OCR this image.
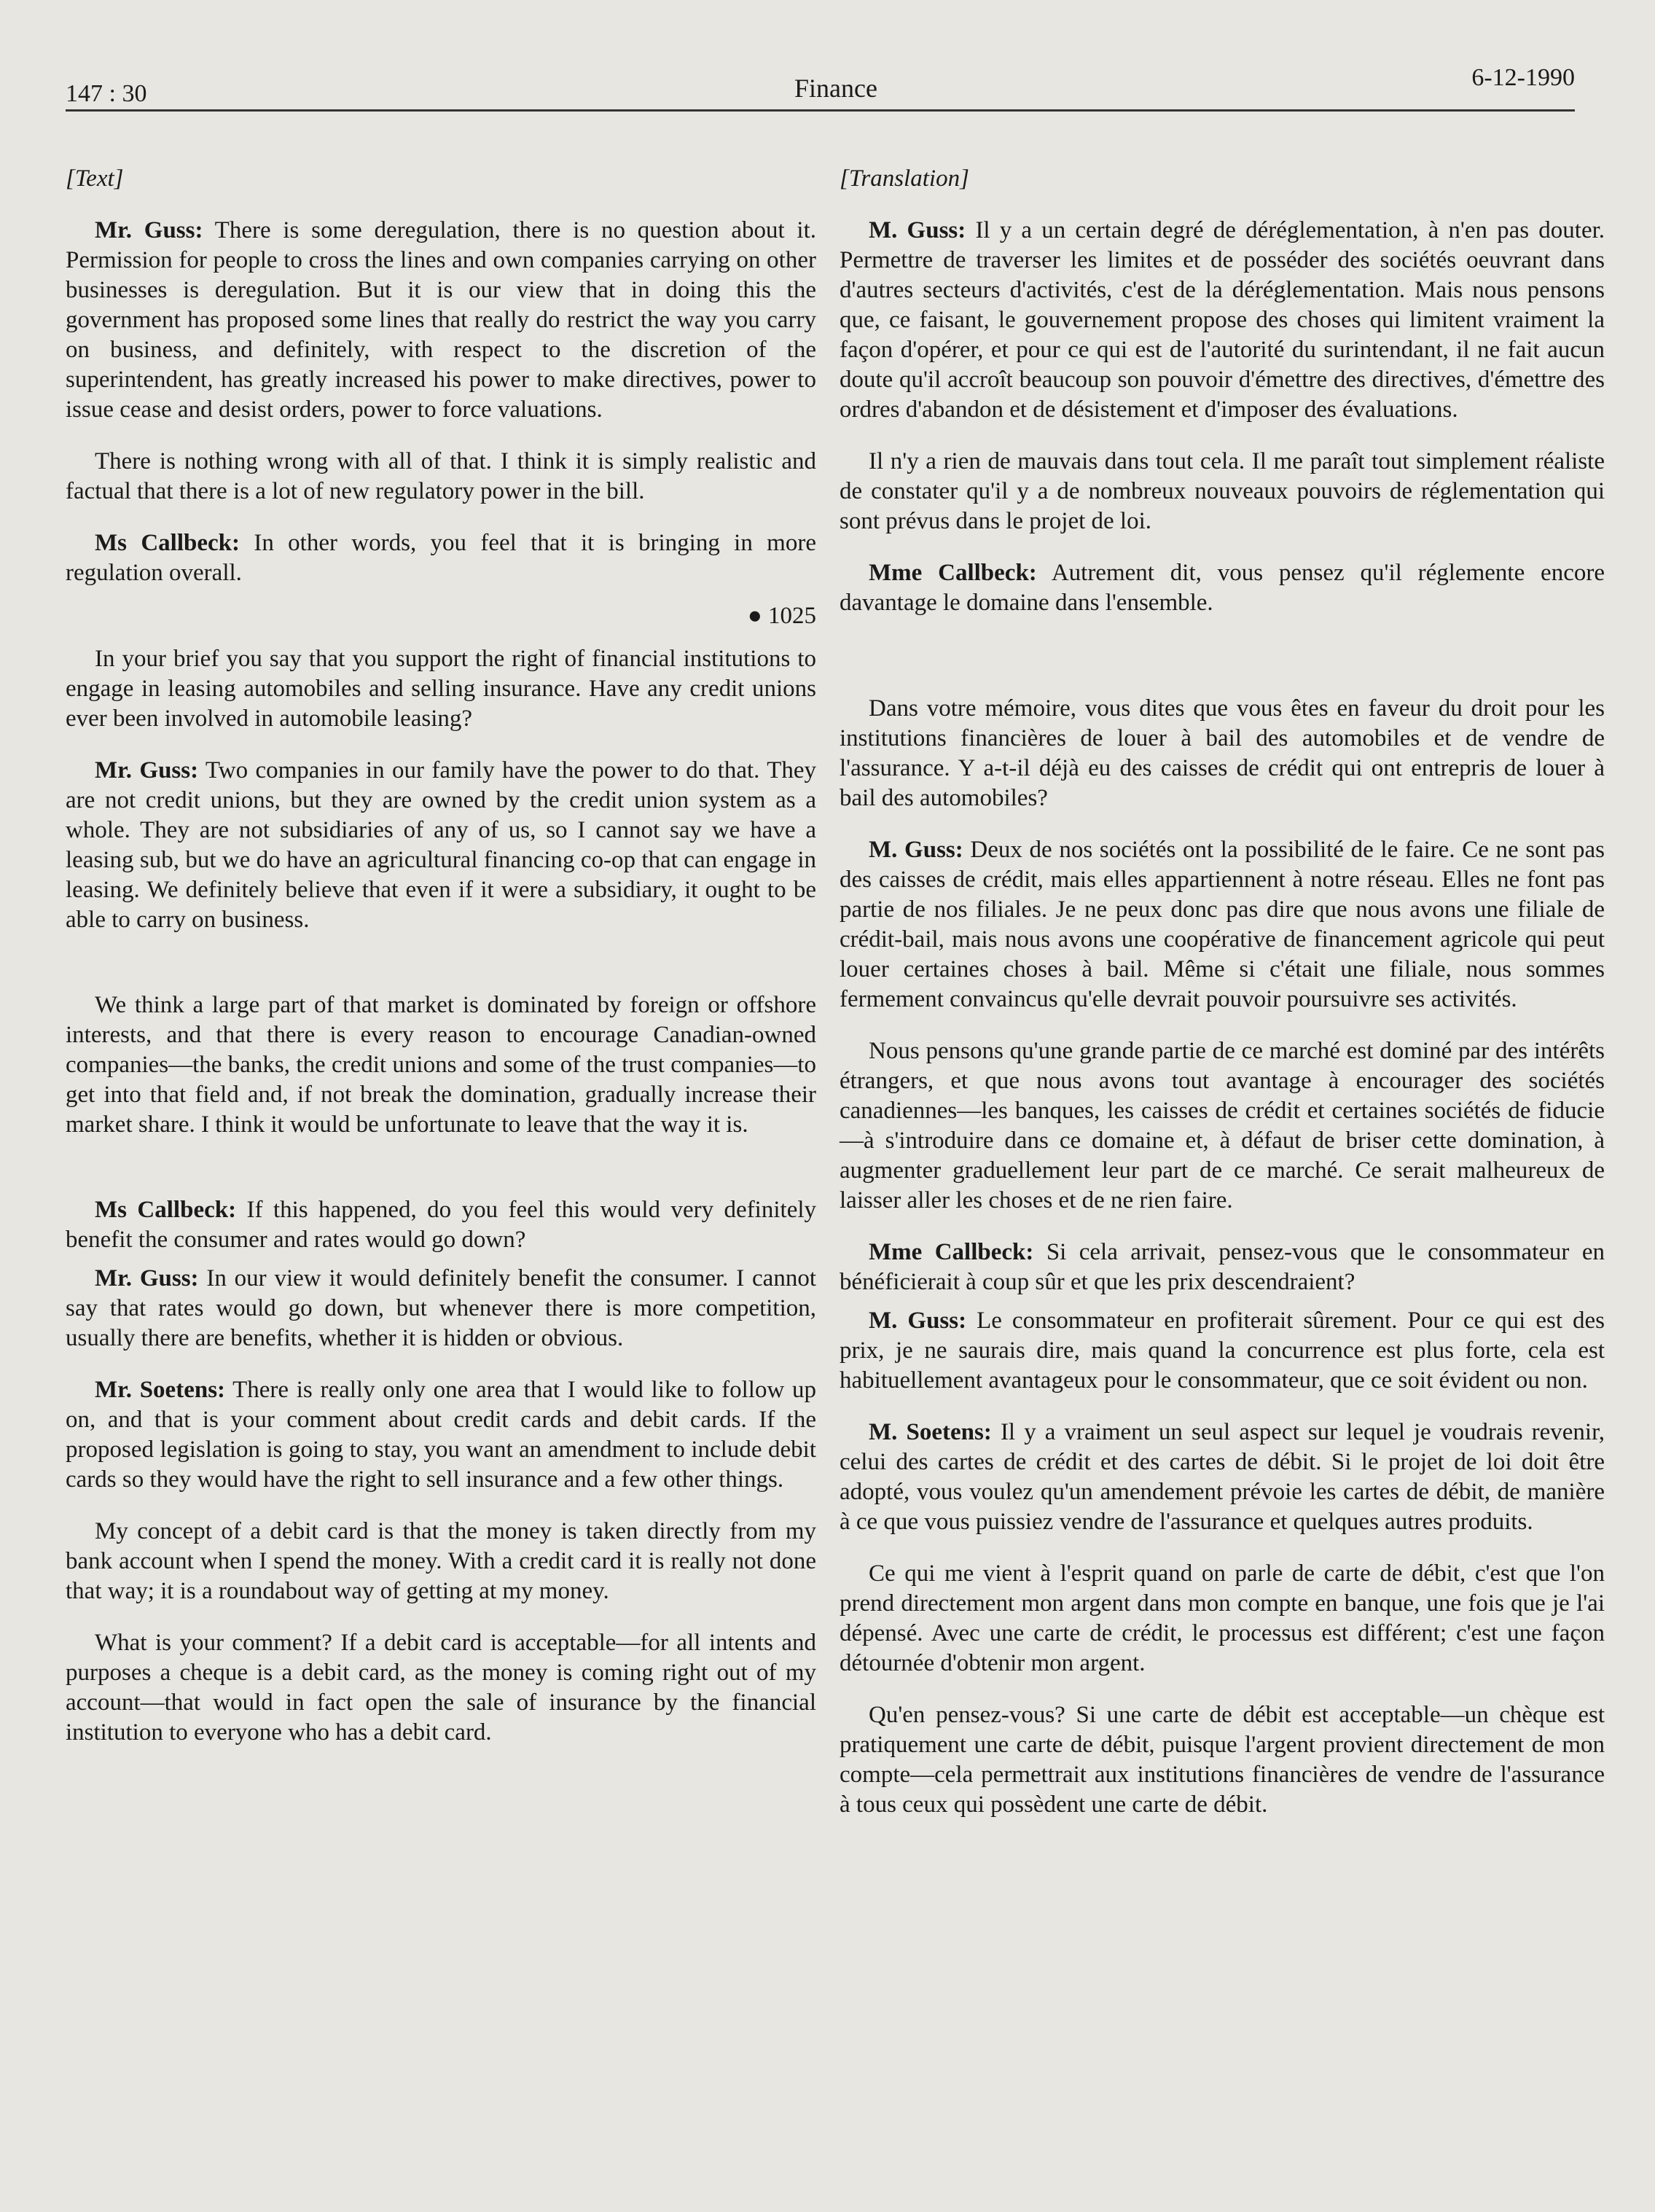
147 : 30	Finance	6-12-1990
[Text]

Mr. Guss: There is some deregulation, there is no question about it. Permission for people to cross the lines and own companies carrying on other businesses is deregulation. But it is our view that in doing this the government has proposed some lines that really do restrict the way you carry on business, and definitely, with respect to the discretion of the superintendent, has greatly increased his power to make directives, power to issue cease and desist orders, power to force valuations.

There is nothing wrong with all of that. I think it is simply realistic and factual that there is a lot of new regulatory power in the bill.

Ms Callbeck: In other words, you feel that it is bringing in more regulation overall.

● 1025

In your brief you say that you support the right of financial institutions to engage in leasing automobiles and selling insurance. Have any credit unions ever been involved in automobile leasing?

Mr. Guss: Two companies in our family have the power to do that. They are not credit unions, but they are owned by the credit union system as a whole. They are not subsidiaries of any of us, so I cannot say we have a leasing sub, but we do have an agricultural financing co-op that can engage in leasing. We definitely believe that even if it were a subsidiary, it ought to be able to carry on business.

We think a large part of that market is dominated by foreign or offshore interests, and that there is every reason to encourage Canadian-owned companies—the banks, the credit unions and some of the trust companies—to get into that field and, if not break the domination, gradually increase their market share. I think it would be unfortunate to leave that the way it is.

Ms Callbeck: If this happened, do you feel this would very definitely benefit the consumer and rates would go down?

Mr. Guss: In our view it would definitely benefit the consumer. I cannot say that rates would go down, but whenever there is more competition, usually there are benefits, whether it is hidden or obvious.

Mr. Soetens: There is really only one area that I would like to follow up on, and that is your comment about credit cards and debit cards. If the proposed legislation is going to stay, you want an amendment to include debit cards so they would have the right to sell insurance and a few other things.

My concept of a debit card is that the money is taken directly from my bank account when I spend the money. With a credit card it is really not done that way; it is a roundabout way of getting at my money.

What is your comment? If a debit card is acceptable—for all intents and purposes a cheque is a debit card, as the money is coming right out of my account—that would in fact open the sale of insurance by the financial institution to everyone who has a debit card.

[Translation]

M. Guss: Il y a un certain degré de déréglementation, à n'en pas douter. Permettre de traverser les limites et de posséder des sociétés oeuvrant dans d'autres secteurs d'activités, c'est de la déréglementation. Mais nous pensons que, ce faisant, le gouvernement propose des choses qui limitent vraiment la façon d'opérer, et pour ce qui est de l'autorité du surintendant, il ne fait aucun doute qu'il accroît beaucoup son pouvoir d'émettre des directives, d'émettre des ordres d'abandon et de désistement et d'imposer des évaluations.

Il n'y a rien de mauvais dans tout cela. Il me paraît tout simplement réaliste de constater qu'il y a de nombreux nouveaux pouvoirs de réglementation qui sont prévus dans le projet de loi.

Mme Callbeck: Autrement dit, vous pensez qu'il réglemente encore davantage le domaine dans l'ensemble.

Dans votre mémoire, vous dites que vous êtes en faveur du droit pour les institutions financières de louer à bail des automobiles et de vendre de l'assurance. Y a-t-il déjà eu des caisses de crédit qui ont entrepris de louer à bail des automobiles?

M. Guss: Deux de nos sociétés ont la possibilité de le faire. Ce ne sont pas des caisses de crédit, mais elles appartiennent à notre réseau. Elles ne font pas partie de nos filiales. Je ne peux donc pas dire que nous avons une filiale de crédit-bail, mais nous avons une coopérative de financement agricole qui peut louer certaines choses à bail. Même si c'était une filiale, nous sommes fermement convaincus qu'elle devrait pouvoir poursuivre ses activités.

Nous pensons qu'une grande partie de ce marché est dominé par des intérêts étrangers, et que nous avons tout avantage à encourager des sociétés canadiennes—les banques, les caisses de crédit et certaines sociétés de fiducie—à s'introduire dans ce domaine et, à défaut de briser cette domination, à augmenter graduellement leur part de ce marché. Ce serait malheureux de laisser aller les choses et de ne rien faire.

Mme Callbeck: Si cela arrivait, pensez-vous que le consommateur en bénéficierait à coup sûr et que les prix descendraient?

M. Guss: Le consommateur en profiterait sûrement. Pour ce qui est des prix, je ne saurais dire, mais quand la concurrence est plus forte, cela est habituellement avantageux pour le consommateur, que ce soit évident ou non.

M. Soetens: Il y a vraiment un seul aspect sur lequel je voudrais revenir, celui des cartes de crédit et des cartes de débit. Si le projet de loi doit être adopté, vous voulez qu'un amendement prévoie les cartes de débit, de manière à ce que vous puissiez vendre de l'assurance et quelques autres produits.

Ce qui me vient à l'esprit quand on parle de carte de débit, c'est que l'on prend directement mon argent dans mon compte en banque, une fois que je l'ai dépensé. Avec une carte de crédit, le processus est différent; c'est une façon détournée d'obtenir mon argent.

Qu'en pensez-vous? Si une carte de débit est acceptable—un chèque est pratiquement une carte de débit, puisque l'argent provient directement de mon compte—cela permettrait aux institutions financières de vendre de l'assurance à tous ceux qui possèdent une carte de débit.
